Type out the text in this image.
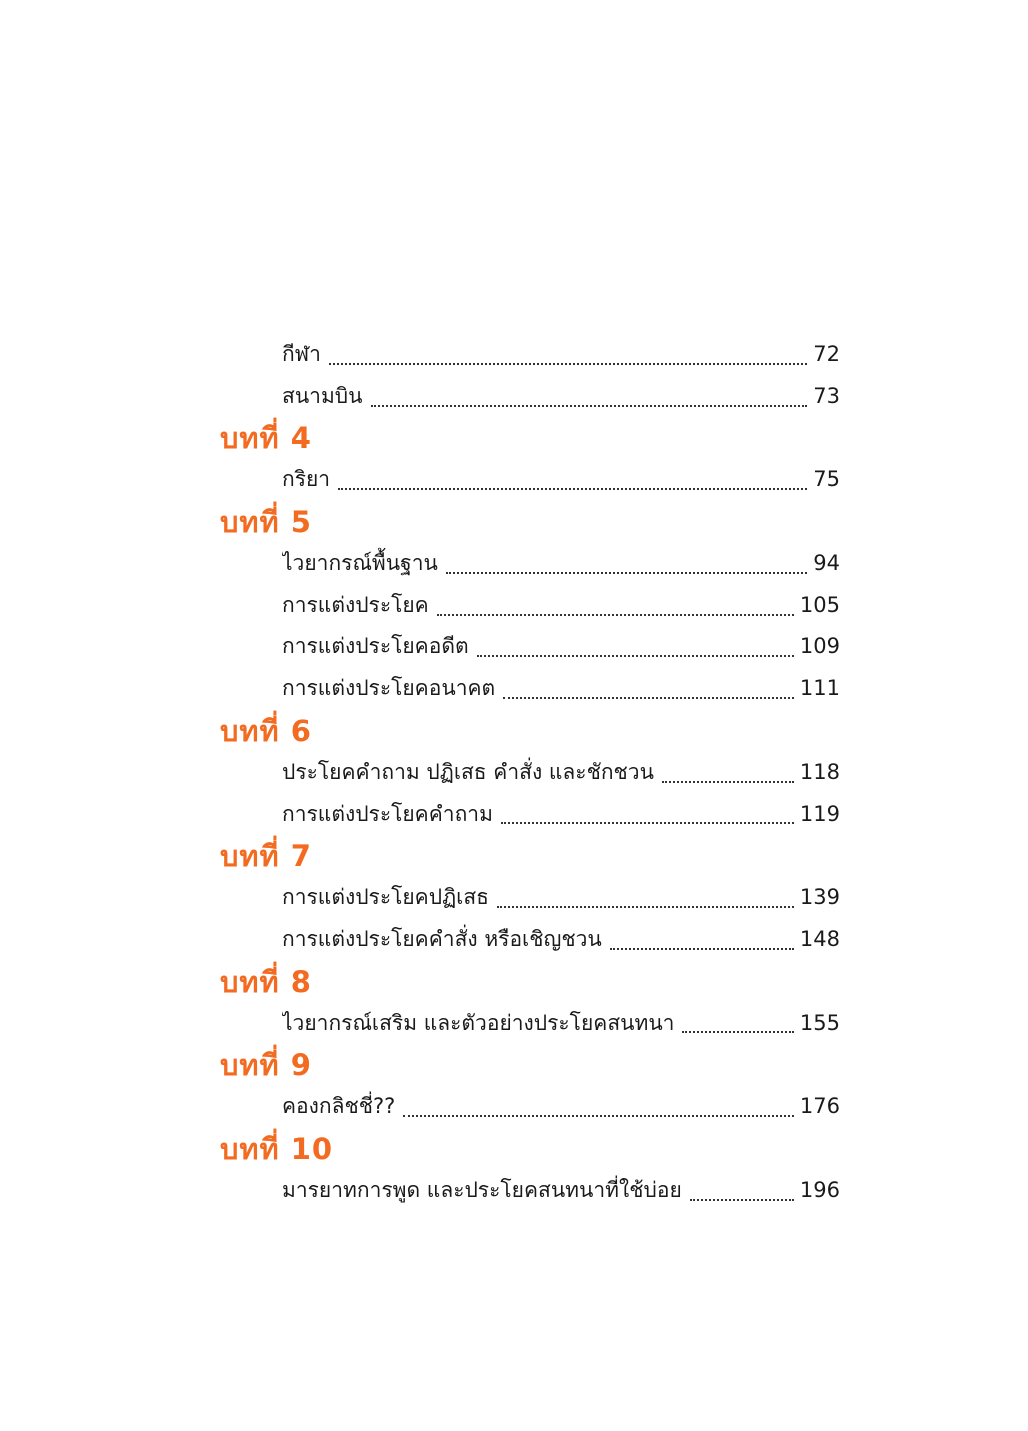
กีฬา	72
สนามบิน	73
บทที่ 4
กริยา	75
บทที่ 5
ไวยากรณ์พื้นฐาน	94
การแต่งประโยค	105
การแต่งประโยคอดีต	109
การแต่งประโยคอนาคต	111
บทที่ 6
ประโยคคำถาม ปฏิเสธ คำสั่ง และชักชวน	118
การแต่งประโยคคำถาม	119
บทที่ 7
การแต่งประโยคปฏิเสธ	139
การแต่งประโยคคำสั่ง หรือเชิญชวน	148
บทที่ 8
ไวยากรณ์เสริม และตัวอย่างประโยคสนทนา	155
บทที่ 9
คองกลิชชี่??	176
บทที่ 10
มารยาทการพูด และประโยคสนทนาที่ใช้บ่อย	196
